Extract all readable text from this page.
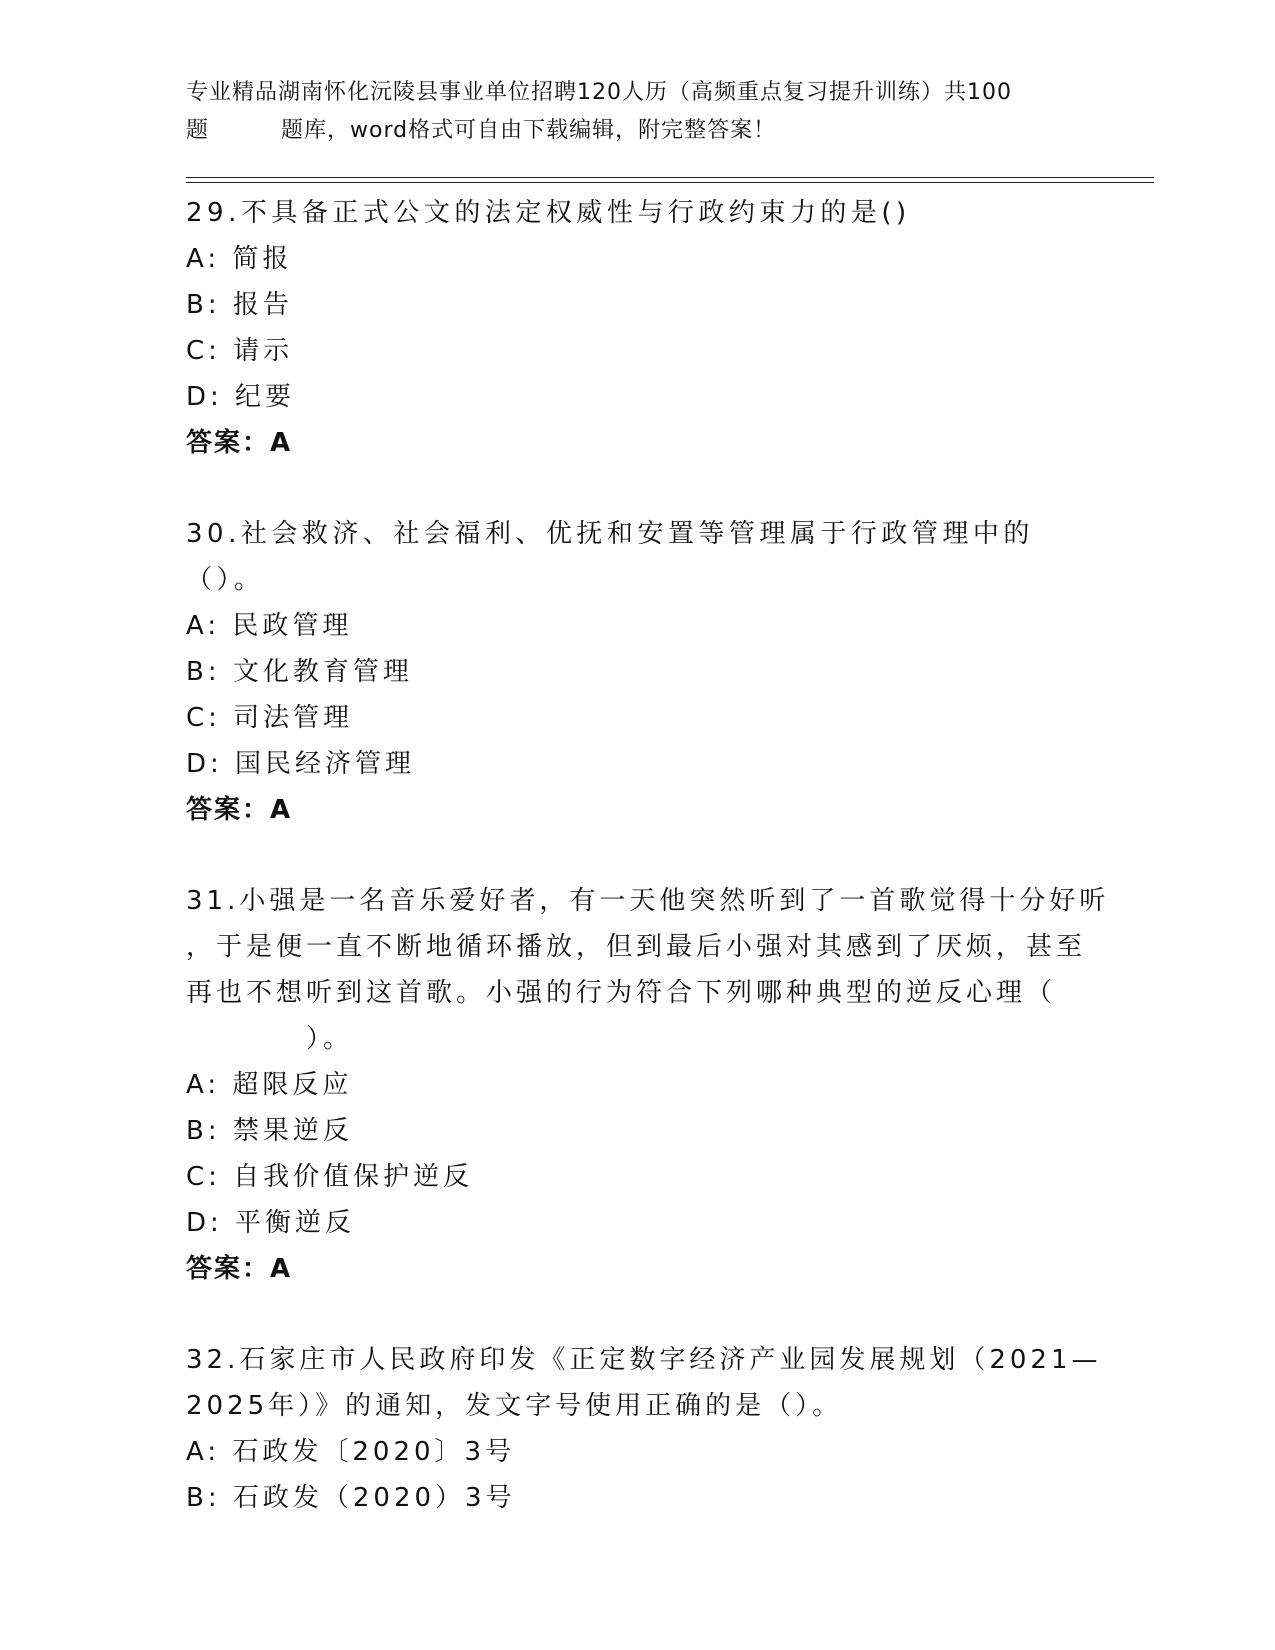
专业精品湖南怀化沅陵县事业单位招聘120人历（高频重点复习提升训练）共100
题	题库，word格式可自由下载编辑，附完整答案！
29.不具备正式公文的法定权威性与行政约束力的是()
A: 简报
B: 报告
C: 请示
D: 纪要
答案：A
30.社会救济、社会福利、优抚和安置等管理属于行政管理中的（）。
A: 民政管理
B: 文化教育管理
C: 司法管理
D: 国民经济管理
答案：A
31.小强是一名音乐爱好者，有一天他突然听到了一首歌觉得十分好听
，于是便一直不断地循环播放，但到最后小强对其感到了厌烦，甚至
再也不想听到这首歌。小强的行为符合下列哪种典型的逆反心理（
　　　　）。
A: 超限反应
B: 禁果逆反
C: 自我价值保护逆反
D: 平衡逆反
答案：A
32.石家庄市人民政府印发《正定数字经济产业园发展规划（2021—
2025年）》的通知，发文字号使用正确的是（）。
A: 石政发〔2020〕3号
B: 石政发（2020）3号
